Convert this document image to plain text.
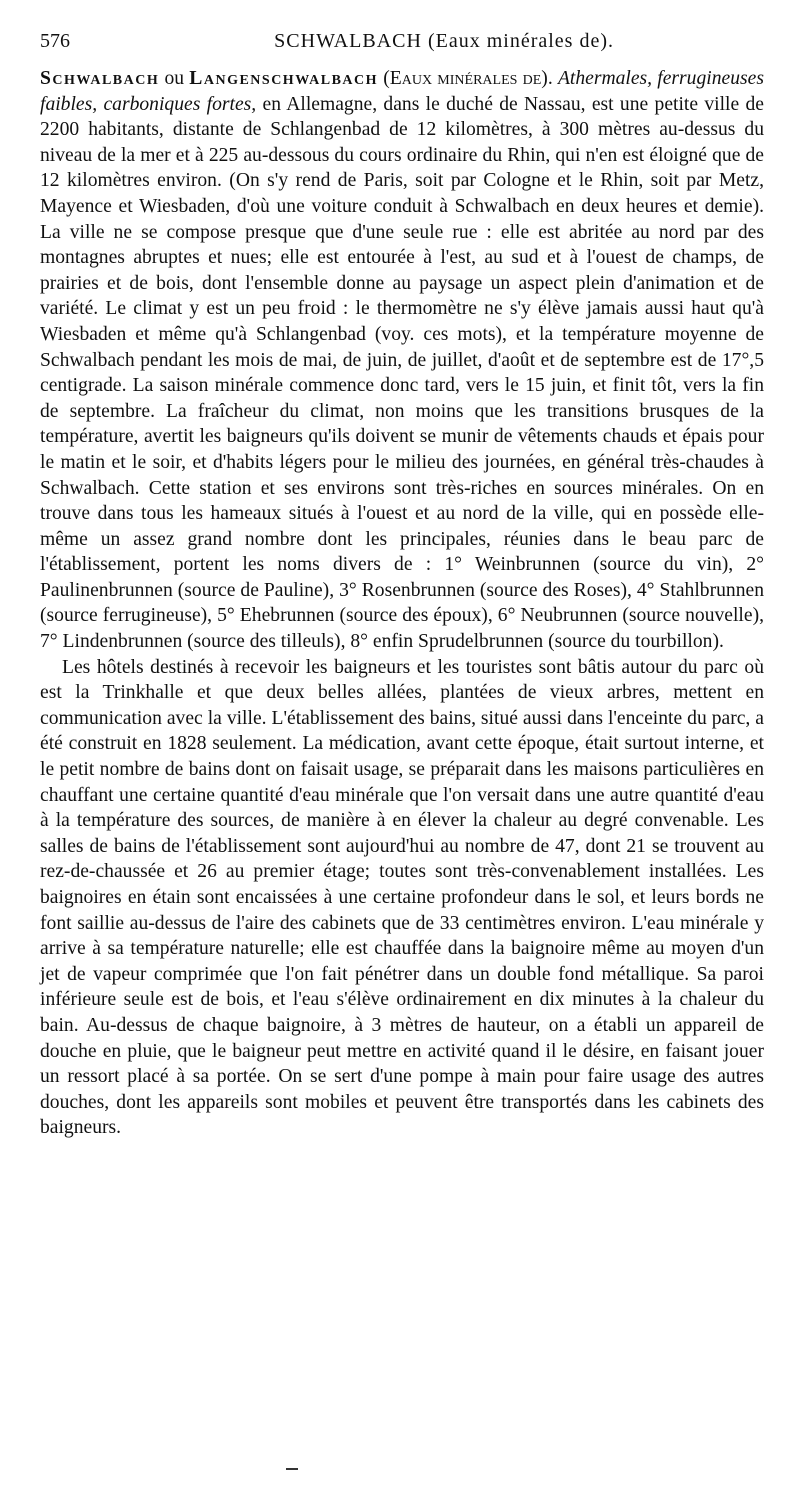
576	SCHWALBACH (Eaux minérales de).

Schwalbach ou Langenschwalbach (Eaux minérales de). Athermales, ferrugineuses faibles, carboniques fortes, en Allemagne, dans le duché de Nassau, est une petite ville de 2200 habitants, distante de Schlangenbad de 12 kilomètres, à 300 mètres au-dessus du niveau de la mer et à 225 au-dessous du cours ordinaire du Rhin, qui n'en est éloigné que de 12 kilomètres environ. (On s'y rend de Paris, soit par Cologne et le Rhin, soit par Metz, Mayence et Wiesbaden, d'où une voiture conduit à Schwalbach en deux heures et demie). La ville ne se compose presque que d'une seule rue : elle est abritée au nord par des montagnes abruptes et nues; elle est entourée à l'est, au sud et à l'ouest de champs, de prairies et de bois, dont l'ensemble donne au paysage un aspect plein d'animation et de variété. Le climat y est un peu froid : le thermomètre ne s'y élève jamais aussi haut qu'à Wiesbaden et même qu'à Schlangenbad (voy. ces mots), et la température moyenne de Schwalbach pendant les mois de mai, de juin, de juillet, d'août et de septembre est de 17°,5 centigrade. La saison minérale commence donc tard, vers le 15 juin, et finit tôt, vers la fin de septembre. La fraîcheur du climat, non moins que les transitions brusques de la température, avertit les baigneurs qu'ils doivent se munir de vêtements chauds et épais pour le matin et le soir, et d'habits légers pour le milieu des journées, en général très-chaudes à Schwalbach. Cette station et ses environs sont très-riches en sources minérales. On en trouve dans tous les hameaux situés à l'ouest et au nord de la ville, qui en possède elle-même un assez grand nombre dont les principales, réunies dans le beau parc de l'établissement, portent les noms divers de : 1° Weinbrunnen (source du vin), 2° Paulinenbrunnen (source de Pauline), 3° Rosenbrunnen (source des Roses), 4° Stahlbrunnen (source ferrugineuse), 5° Ehebrunnen (source des époux), 6° Neubrunnen (source nouvelle), 7° Lindenbrunnen (source des tilleuls), 8° enfin Sprudelbrunnen (source du tourbillon).

Les hôtels destinés à recevoir les baigneurs et les touristes sont bâtis autour du parc où est la Trinkhalle et que deux belles allées, plantées de vieux arbres, mettent en communication avec la ville. L'établissement des bains, situé aussi dans l'enceinte du parc, a été construit en 1828 seulement. La médication, avant cette époque, était surtout interne, et le petit nombre de bains dont on faisait usage, se préparait dans les maisons particulières en chauffant une certaine quantité d'eau minérale que l'on versait dans une autre quantité d'eau à la température des sources, de manière à en élever la chaleur au degré convenable. Les salles de bains de l'établissement sont aujourd'hui au nombre de 47, dont 21 se trouvent au rez-de-chaussée et 26 au premier étage; toutes sont très-convenablement installées. Les baignoires en étain sont encaissées à une certaine profondeur dans le sol, et leurs bords ne font saillie au-dessus de l'aire des cabinets que de 33 centimètres environ. L'eau minérale y arrive à sa température naturelle; elle est chauffée dans la baignoire même au moyen d'un jet de vapeur comprimée que l'on fait pénétrer dans un double fond métallique. Sa paroi inférieure seule est de bois, et l'eau s'élève ordinairement en dix minutes à la chaleur du bain. Au-dessus de chaque baignoire, à 3 mètres de hauteur, on a établi un appareil de douche en pluie, que le baigneur peut mettre en activité quand il le désire, en faisant jouer un ressort placé à sa portée. On se sert d'une pompe à main pour faire usage des autres douches, dont les appareils sont mobiles et peuvent être transportés dans les cabinets des baigneurs.
